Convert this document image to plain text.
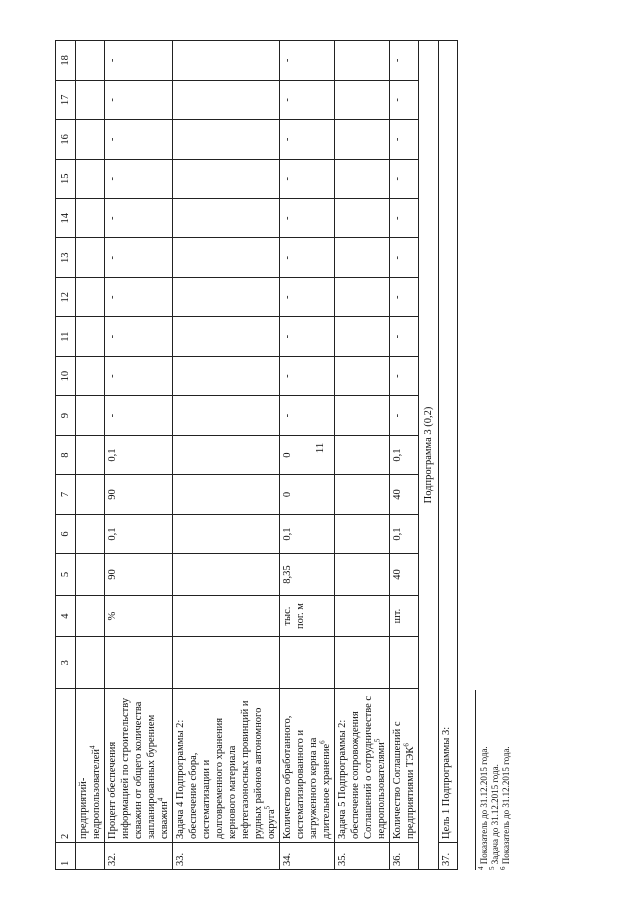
11
1	2	3	4	5	6	7	8	9	10	11	12	13	14	15	16	17	18
	предприятий-недропользователей$^4$																
32.	Процент обеспечения информацией по строительству скважин от общего количества запланированных бурением скважин$^4$		%	90	0,1	90	0,1	-	-	-	-	-	-	-	-	-	-
33.	Задача 4 Подпрограммы 2: обеспечение сбора, систематизации и долговременного хранения кернового материала нефтегазоносных провинций и рудных районов автономного округа$^5$																
34.	Количество обработанного, систематизированного и загруженного керна на длительное хранение$^6$		тыс. пог. м	8,35	0,1	0	0	-	-	-	-	-	-	-	-	-	-
35.	Задача 5 Подпрограммы 2: обеспечение сопровождения Соглашений о сотрудничестве с недропользователями$^5$																
36.	Количество Соглашений с предприятиями ТЭК$^6$		шт.	40	0,1	40	0,1	-	-	-	-	-	-	-	-	-	-
Подпрограмма 3 (0,2)																	
37.	Цель 1 Подпрограммы 3:																
$^4$ Показатель до 31.12.2015 года.
$^5$ Задача до 31.12.2015 года.
$^6$ Показатель до 31.12.2015 года.
